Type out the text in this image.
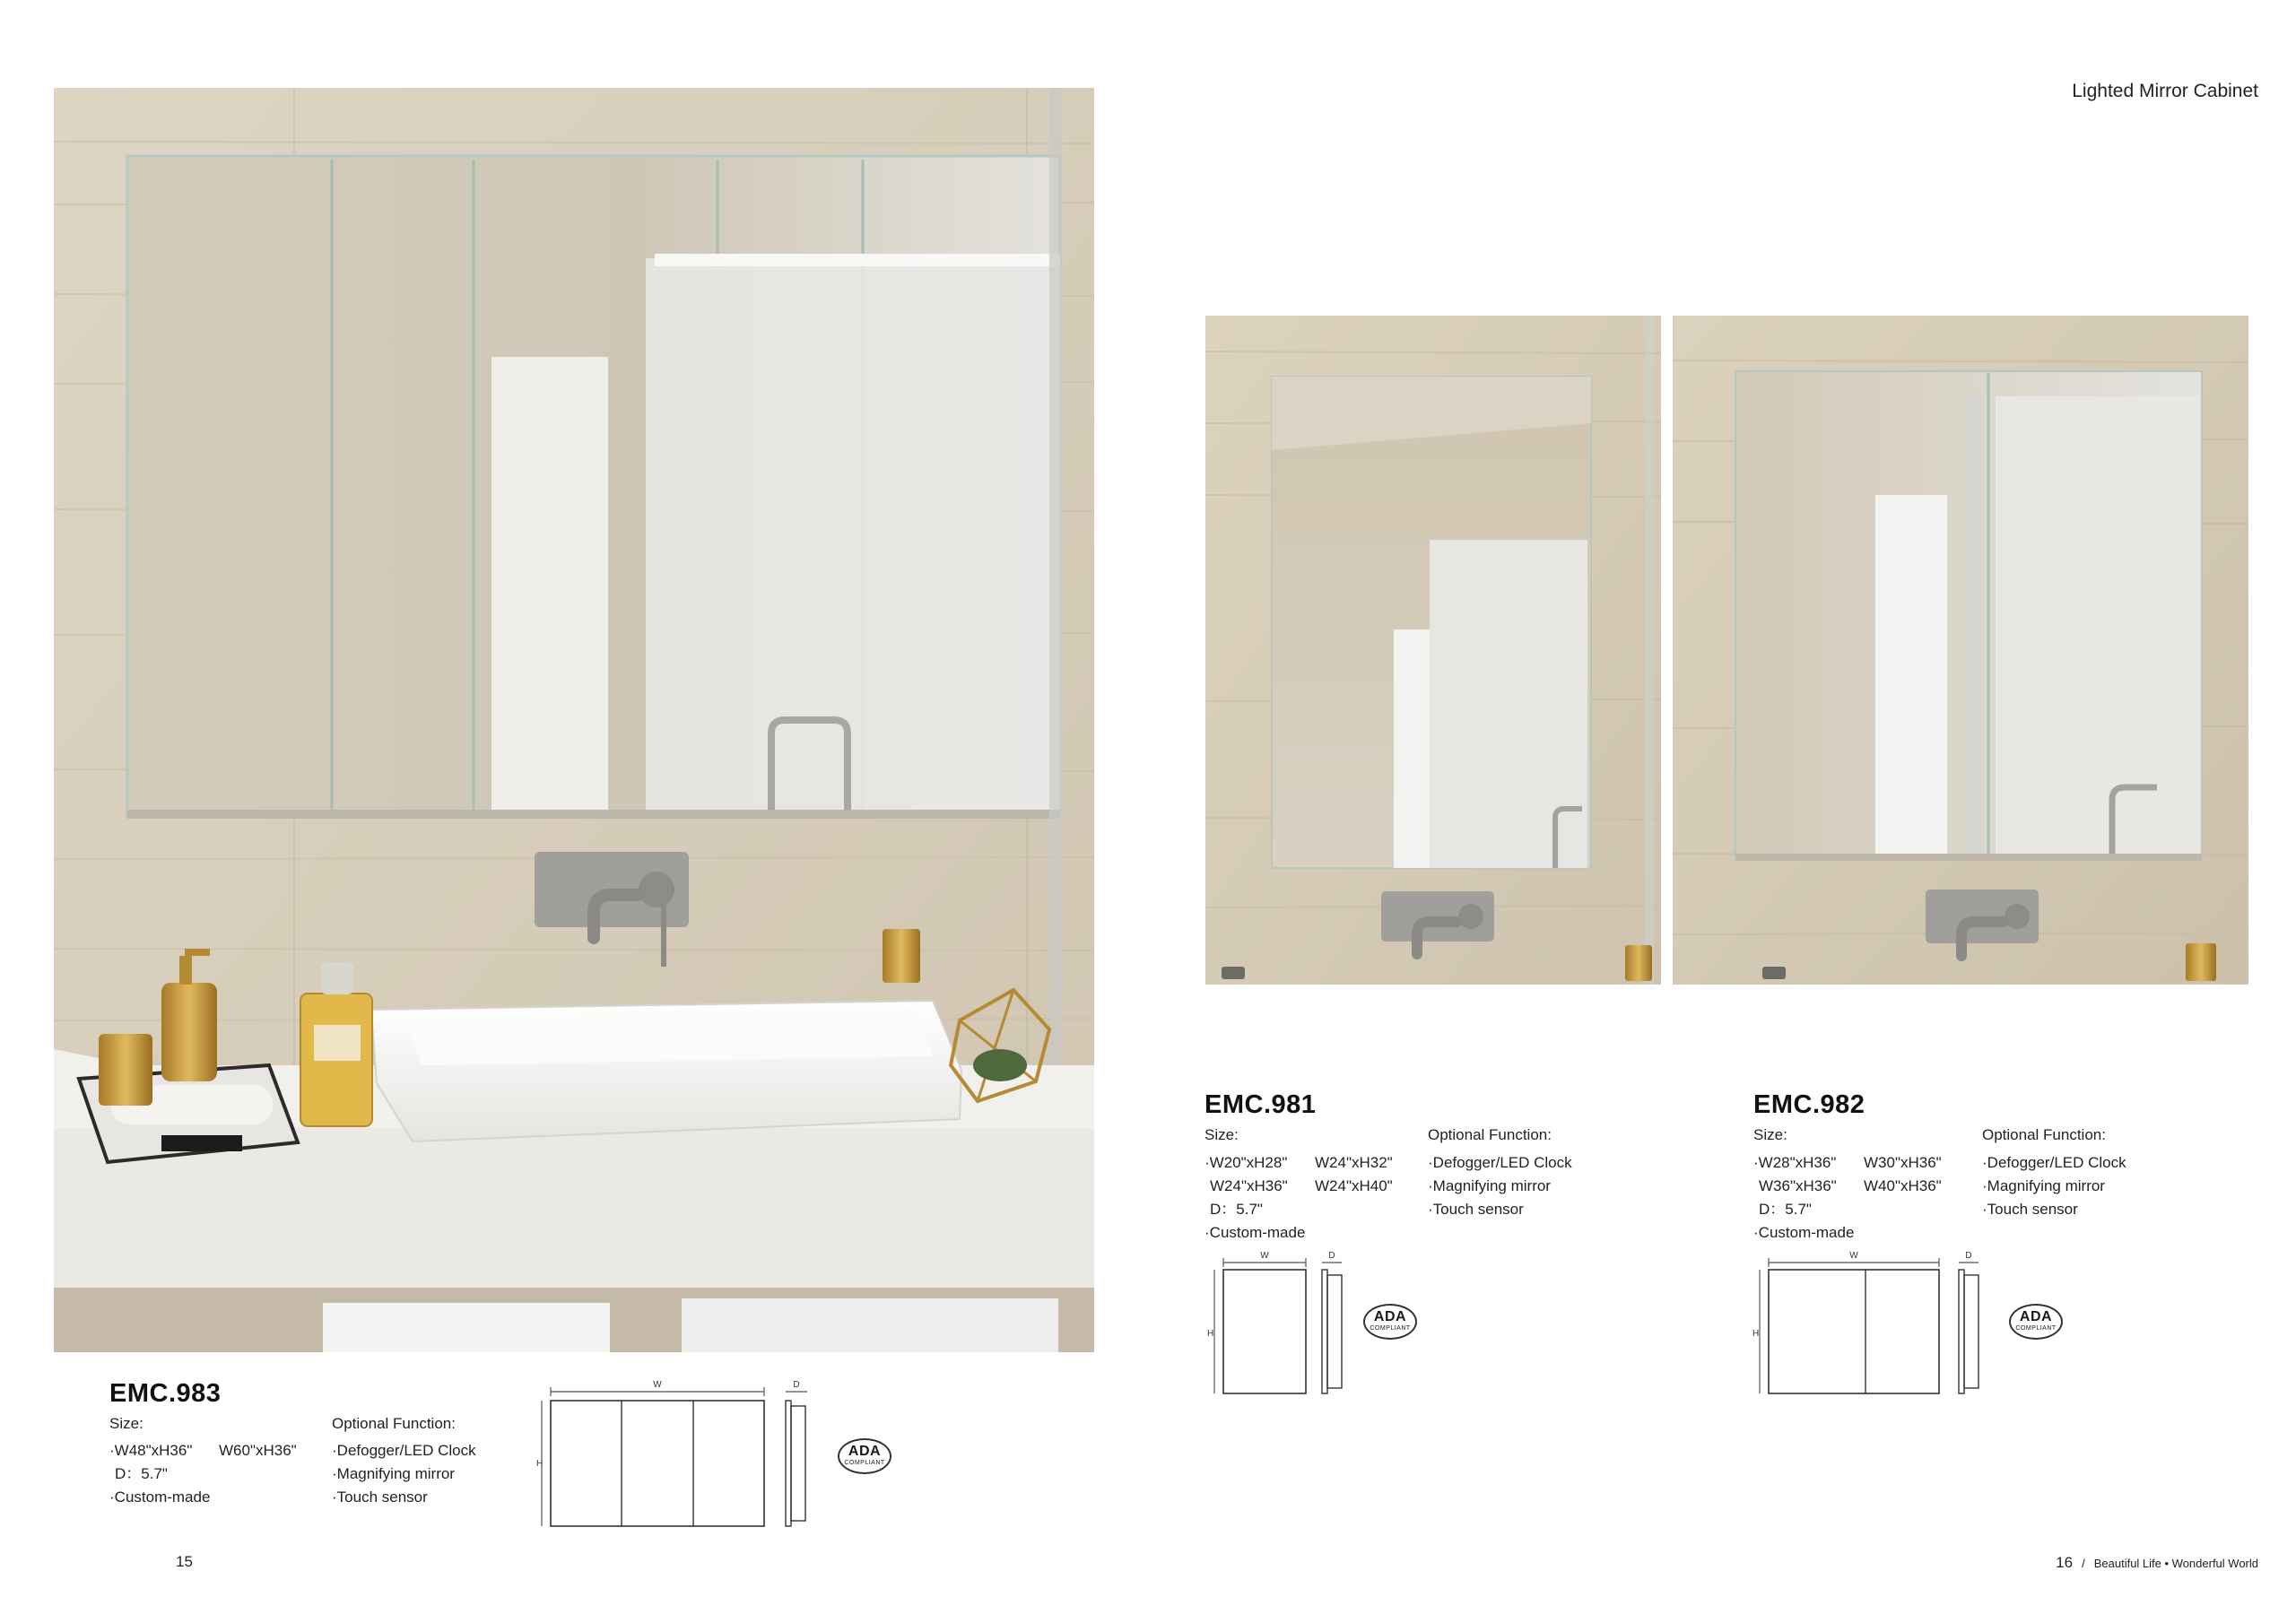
Lighted Mirror Cabinet
EMC.983
Size:
·W48"xH36" W60"xH36"
D：5.7"
·Custom-made
Optional Function:
·Defogger/LED Clock
·Magnifying mirror
·Touch sensor
W
H
D
ADA
COMPLIANT
EMC.981
Size:
·W20"xH28" W24"xH32"
W24"xH36" W24"xH40"
D：5.7"
·Custom-made
Optional Function:
·Defogger/LED Clock
·Magnifying mirror
·Touch sensor
W
H
D
ADA
COMPLIANT
EMC.982
Size:
·W28"xH36" W30"xH36"
W36"xH36" W40"xH36"
D：5.7"
·Custom-made
Optional Function:
·Defogger/LED Clock
·Magnifying mirror
·Touch sensor
W
H
D
ADA
COMPLIANT
15	16 / Beautiful Life • Wonderful World
